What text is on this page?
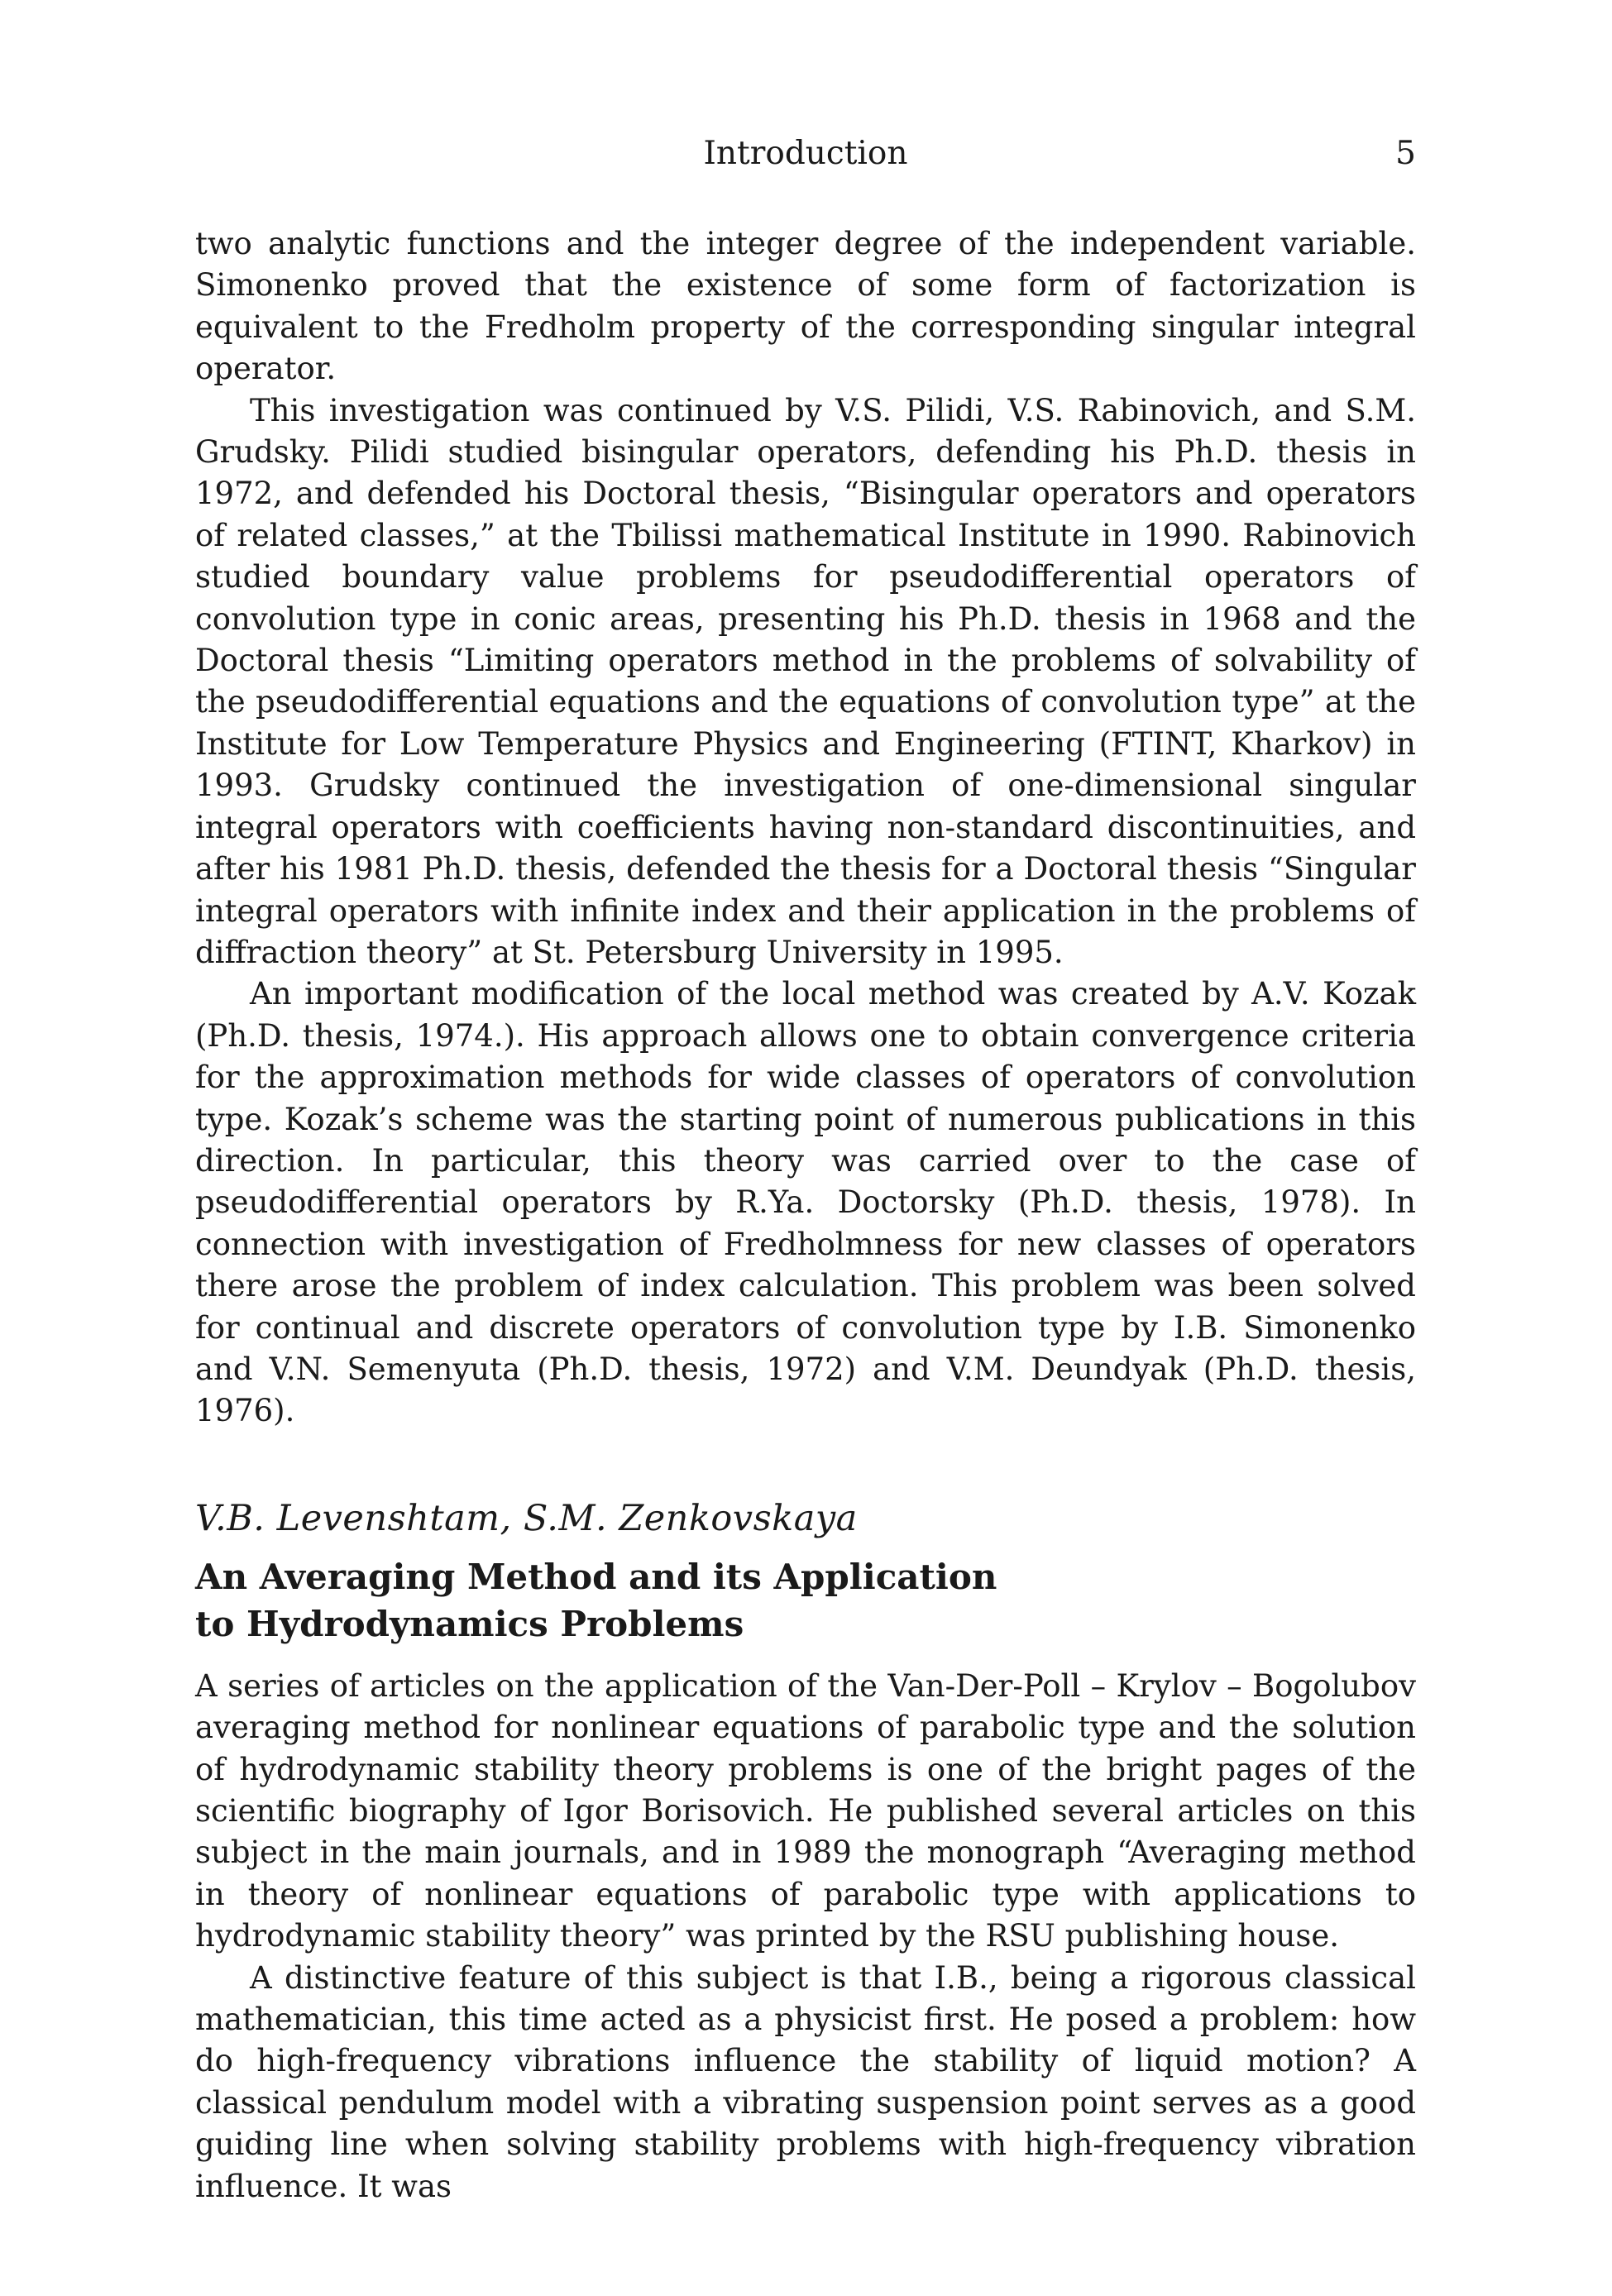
Introduction	5

two analytic functions and the integer degree of the independent variable. Simonenko proved that the existence of some form of factorization is equivalent to the Fredholm property of the corresponding singular integral operator.

This investigation was continued by V.S. Pilidi, V.S. Rabinovich, and S.M. Grudsky. Pilidi studied bisingular operators, defending his Ph.D. thesis in 1972, and defended his Doctoral thesis, “Bisingular operators and operators of related classes,” at the Tbilissi mathematical Institute in 1990. Rabinovich studied boundary value problems for pseudodifferential operators of convolution type in conic areas, presenting his Ph.D. thesis in 1968 and the Doctoral thesis “Limiting operators method in the problems of solvability of the pseudodifferential equations and the equations of convolution type” at the Institute for Low Temperature Physics and Engineering (FTINT, Kharkov) in 1993. Grudsky continued the investigation of one-dimensional singular integral operators with coefficients having non-standard discontinuities, and after his 1981 Ph.D. thesis, defended the thesis for a Doctoral thesis “Singular integral operators with infinite index and their application in the problems of diffraction theory” at St. Petersburg University in 1995.

An important modification of the local method was created by A.V. Kozak (Ph.D. thesis, 1974.). His approach allows one to obtain convergence criteria for the approximation methods for wide classes of operators of convolution type. Kozak’s scheme was the starting point of numerous publications in this direction. In particular, this theory was carried over to the case of pseudodifferential operators by R.Ya. Doctorsky (Ph.D. thesis, 1978). In connection with investigation of Fredholmness for new classes of operators there arose the problem of index calculation. This problem was been solved for continual and discrete operators of convolution type by I.B. Simonenko and V.N. Semenyuta (Ph.D. thesis, 1972) and V.M. Deundyak (Ph.D. thesis, 1976).

V.B. Levenshtam, S.M. Zenkovskaya
An Averaging Method and its Application
to Hydrodynamics Problems

A series of articles on the application of the Van-Der-Poll – Krylov – Bogolubov averaging method for nonlinear equations of parabolic type and the solution of hydrodynamic stability theory problems is one of the bright pages of the scientific biography of Igor Borisovich. He published several articles on this subject in the main journals, and in 1989 the monograph “Averaging method in theory of nonlinear equations of parabolic type with applications to hydrodynamic stability theory” was printed by the RSU publishing house.

A distinctive feature of this subject is that I.B., being a rigorous classical mathematician, this time acted as a physicist first. He posed a problem: how do high-frequency vibrations influence the stability of liquid motion? A classical pendulum model with a vibrating suspension point serves as a good guiding line when solving stability problems with high-frequency vibration influence. It was
